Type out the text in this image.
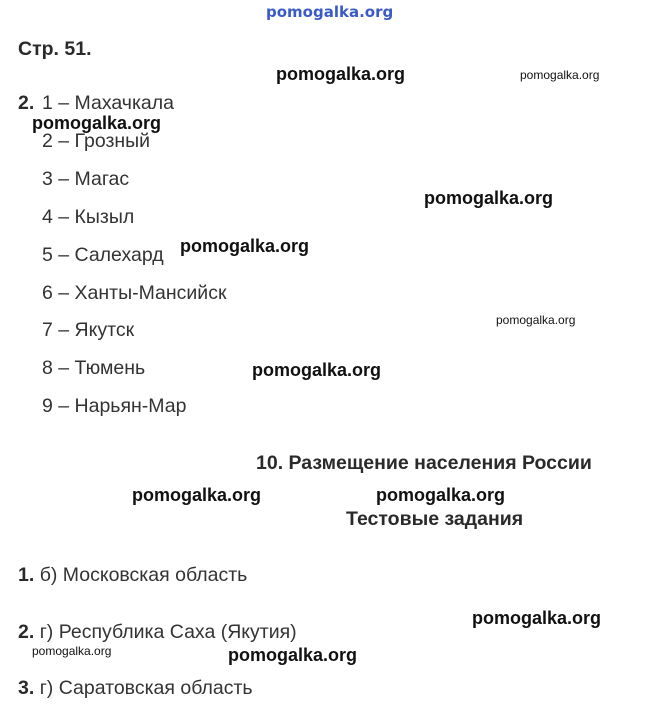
pomogalka.org
Стр. 51.
2. 1 – Махачкала
2 – Грозный
3 – Магас
4 – Кызыл
5 – Салехард
6 – Ханты-Мансийск
7 – Якутск
8 – Тюмень
9 – Нарьян-Мар
10. Размещение населения России
Тестовые задания
1. б) Московская область
2. г) Республика Саха (Якутия)
3. г) Саратовская область
pomogalka.org	pomogalka.org
pomogalka.org
pomogalka.org
pomogalka.org
pomogalka.org
pomogalka.org
pomogalka.org	pomogalka.org
pomogalka.org
pomogalka.org	pomogalka.org
